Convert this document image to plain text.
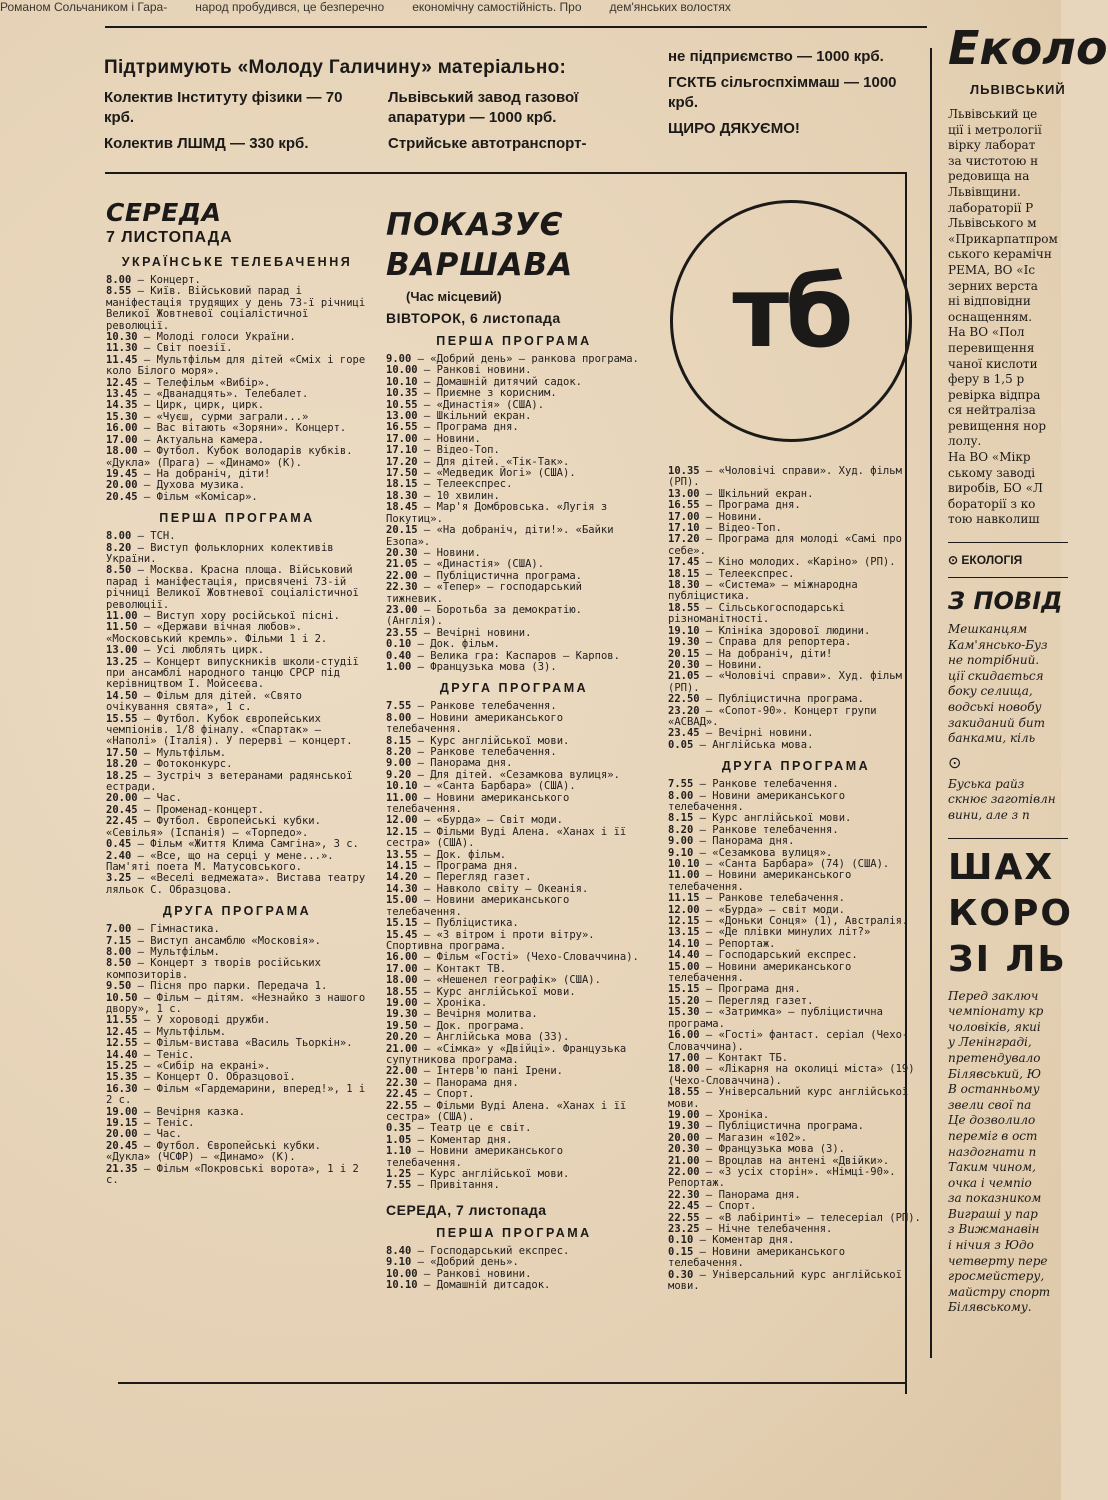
Романом Сольчаником і Гара- народ пробудився, це безперечно економічну самостійність. Про дем'янських волостях
Підтримують «Молоду Галичину» матеріально:
Колектив Інституту фізики — 70 крб.
Колектив ЛШМД — 330 крб.
Львівський завод газової апаратури — 1000 крб.
Стрийське автотранспорт-
не підприємство — 1000 крб.
ГСКТБ сільгоспхіммаш — 1000 крб.
ЩИРО ДЯКУЄМО!
СЕРЕДА
7 ЛИСТОПАДА
УКРАЇНСЬКЕ ТЕЛЕБАЧЕННЯ

8.00 — Концерт.

8.55 — Київ. Військовий парад і маніфестація трудящих у день 73-ї річниці Великої Жовтневої соціалістичної революції.

10.30 — Молоді голоси України.

11.30 — Світ поезії.

11.45 — Мультфільм для дітей «Сміх і горе коло Білого моря».

12.45 — Телефільм «Вибір».

13.45 — «Дванадцять». Телебалет.

14.35 — Цирк, цирк, цирк.

15.30 — «Чуєш, сурми заграли...»

16.00 — Вас вітають «Зоряни». Концерт.

17.00 — Актуальна камера.

18.00 — Футбол. Кубок володарів кубків. «Дукла» (Прага) — «Динамо» (К).

19.45 — На добраніч, діти!

20.00 — Духова музика.

20.45 — Фільм «Комісар».

ПЕРША ПРОГРАМА

8.00 — ТСН.

8.20 — Виступ фольклорних колективів України.

8.50 — Москва. Красна площа. Військовий парад і маніфестація, присвячені 73-ій річниці Великої Жовтневої соціалістичної революції.

11.00 — Виступ хору російської пісні.

11.50 — «Держави вічная любов». «Московський кремль». Фільми 1 і 2.

13.00 — Усі люблять цирк.

13.25 — Концерт випускників школи-студії при ансамблі народного танцю СРСР під керівництвом І. Мойсеєва.

14.50 — Фільм для дітей. «Свято очікування свята», 1 с.

15.55 — Футбол. Кубок європейських чемпіонів. 1/8 фіналу. «Спартак» — «Наполі» (Італія). У перерві — концерт.

17.50 — Мультфільм.

18.20 — Фотоконкурс.

18.25 — Зустріч з ветеранами радянської естради.

20.00 — Час.

20.45 — Променад-концерт.

22.45 — Футбол. Європейські кубки. «Севілья» (Іспанія) — «Торпедо».

0.45 — Фільм «Життя Клима Самгіна», 3 с.

2.40 — «Все, що на серці у мене...». Пам'яті поета М. Матусовського.

3.25 — «Веселі ведмежата». Вистава театру ляльок С. Образцова.

ДРУГА ПРОГРАМА

7.00 — Гімнастика.

7.15 — Виступ ансамблю «Московія».

8.00 — Мультфільм.

8.50 — Концерт з творів російських композиторів.

9.50 — Пісня про парки. Передача 1.

10.50 — Фільм — дітям. «Незнайко з нашого двору», 1 с.

11.55 — У хороводі дружби.

12.45 — Мультфільм.

12.55 — Фільм-вистава «Василь Тьоркін».

14.40 — Теніс.

15.25 — «Сибір на екрані».

15.35 — Концерт О. Образцової.

16.30 — Фільм «Гардемарини, вперед!», 1 і 2 с.

19.00 — Вечірня казка.

19.15 — Теніс.

20.00 — Час.

20.45 — Футбол. Європейські кубки. «Дукла» (ЧСФР) — «Динамо» (К).

21.35 — Фільм «Покровські ворота», 1 і 2 с.

ПОКАЗУЄ
ВАРШАВА
(Час місцевий)
ВІВТОРОК, 6 листопада
ПЕРША ПРОГРАМА

9.00 — «Добрий день» — ранкова програма.

10.00 — Ранкові новини.

10.10 — Домашній дитячий садок.

10.35 — Приємне з корисним.

10.55 — «Династія» (США).

13.00 — Шкільний екран.

16.55 — Програма дня.

17.00 — Новини.

17.10 — Відео-Топ.

17.20 — Для дітей. «Тік-Так».

17.50 — «Медведик Йогі» (США).

18.15 — Телеекспрес.

18.30 — 10 хвилин.

18.45 — Мар'я Домбровська. «Лугія з Покутиц».

20.15 — «На добраніч, діти!». «Байки Езопа».

20.30 — Новини.

21.05 — «Династія» (США).

22.00 — Публіцистична програма.

22.30 — «Тепер» — господарський тижневик.

23.00 — Боротьба за демократію. (Англія).

23.55 — Вечірні новини.

0.10 — Док. фільм.

0.40 — Велика гра: Каспаров — Карпов.

1.00 — Французька мова (3).

ДРУГА ПРОГРАМА

7.55 — Ранкове телебачення.

8.00 — Новини американського телебачення.

8.15 — Курс англійської мови.

8.20 — Ранкове телебачення.

9.00 — Панорама дня.

9.20 — Для дітей. «Сезамкова вулиця».

10.10 — «Санта Барбара» (США).

11.00 — Новини американського телебачення.

12.00 — «Бурда» — Світ моди.

12.15 — Фільми Вуді Алена. «Ханах і її сестра» (США).

13.55 — Док. фільм.

14.15 — Програма дня.

14.20 — Перегляд газет.

14.30 — Навколо світу — Океанія.

15.00 — Новини американського телебачення.

15.15 — Публіцистика.

15.45 — «З вітром і проти вітру». Спортивна програма.

16.00 — Фільм «Гості» (Чехо-Словаччина).

17.00 — Контакт ТВ.

18.00 — «Нешенел географік» (США).

18.55 — Курс англійської мови.

19.00 — Хроніка.

19.30 — Вечірня молитва.

19.50 — Док. програма.

20.20 — Англійська мова (33).

21.00 — «Сімка» у «Двійці». Французька супутникова програма.

22.00 — Інтерв'ю пані Ірени.

22.30 — Панорама дня.

22.45 — Спорт.

22.55 — Фільми Вуді Алена. «Ханах і її сестра» (США).

0.35 — Театр це є світ.

1.05 — Коментар дня.

1.10 — Новини американського телебачення.

1.25 — Курс англійської мови.

7.55 — Привітання.

СЕРЕДА, 7 листопада
ПЕРША ПРОГРАМА

8.40 — Господарський експрес.

9.10 — «Добрий день».

10.00 — Ранкові новини.

10.10 — Домашній дитсадок.

тб

10.35 — «Чоловічі справи». Худ. фільм (РП).

13.00 — Шкільний екран.

16.55 — Програма дня.

17.00 — Новини.

17.10 — Відео-Топ.

17.20 — Програма для молоді «Самі про себе».

17.45 — Кіно молодих. «Каріно» (РП).

18.15 — Телеекспрес.

18.30 — «Система» — міжнародна публіцистика.

18.55 — Сільськогосподарські різноманітності.

19.10 — Клініка здорової людини.

19.30 — Справа для репортера.

20.15 — На добраніч, діти!

20.30 — Новини.

21.05 — «Чоловічі справи». Худ. фільм (РП).

22.50 — Публіцистична програма.

23.20 — «Сопот-90». Концерт групи «АСВАД».

23.45 — Вечірні новини.

0.05 — Англійська мова.

ДРУГА ПРОГРАМА

7.55 — Ранкове телебачення.

8.00 — Новини американського телебачення.

8.15 — Курс англійської мови.

8.20 — Ранкове телебачення.

9.00 — Панорама дня.

9.10 — «Сезамкова вулиця».

10.10 — «Санта Барбара» (74) (США).

11.00 — Новини американського телебачення.

11.15 — Ранкове телебачення.

12.00 — «Бурда» — світ моди.

12.15 — «Доньки Сонця» (1), Австралія.

13.15 — «Де плівки минулих літ?»

14.10 — Репортаж.

14.40 — Господарський експрес.

15.00 — Новини американського телебачення.

15.15 — Програма дня.

15.20 — Перегляд газет.

15.30 — «Затримка» — публіцистична програма.

16.00 — «Гості» фантаст. серіал (Чехо-Словаччина).

17.00 — Контакт ТБ.

18.00 — «Лікарня на околиці міста» (19) (Чехо-Словаччина).

18.55 — Універсальний курс англійської мови.

19.00 — Хроніка.

19.30 — Публіцистична програма.

20.00 — Магазин «102».

20.30 — Французька мова (3).

21.00 — Вроцлав на антені «Двійки».

22.00 — «З усіх сторін». «Німці-90». Репортаж.

22.30 — Панорама дня.

22.45 — Спорт.

22.55 — «В лабіринті» — телесеріал (РП).

23.25 — Нічне телебачення.

0.10 — Коментар дня.

0.15 — Новини американського телебачення.

0.30 — Універсальний курс англійської мови.

Еколо
ЛЬВІВСЬКИЙ
Львівський це
ції і метрології
вірку лаборат
за чистотою н
редовища на
Львівщини.
лабораторії Р
Львівського м
«Прикарпатпром
ського керамічн
РЕМА, ВО «Іс
зерних верста
ні відповідни
оснащенням.
На ВО «Пол
перевищення
чаної кислоти
феру в 1,5 р
ревірка відпра
ся нейтраліза
ревищення нор
лолу.
На ВО «Мікр
ському заводі
виробів, БО «Л
бораторії з ко
тою навколиш
⊙ ЕКОЛОГІЯ
З ПОВІД
Мешканцям
Кам'янсько-Буз
не потрібний.
ції скидається
боку селища,
водські новобу
закиданий бит
банками, кіль
⊙
Буська райз
скнює заготівлн
вини, але з п
ШАХ
КОРО
ЗІ ЛЬ
Перед заключ
чемпіонату кр
чоловіків, якиі
у Ленінграді,
претендувало
Білявський, Ю
В останньому
звели свої па
Це дозволило
перемiг в ост
наздогнати п
Таким чином,
очка і чемпіо
за показником
Виграші у пар
з Вижманавiн
і нічия з Юдо
четверту пере
гросмейстеру,
майстру спорт
Білявському.
